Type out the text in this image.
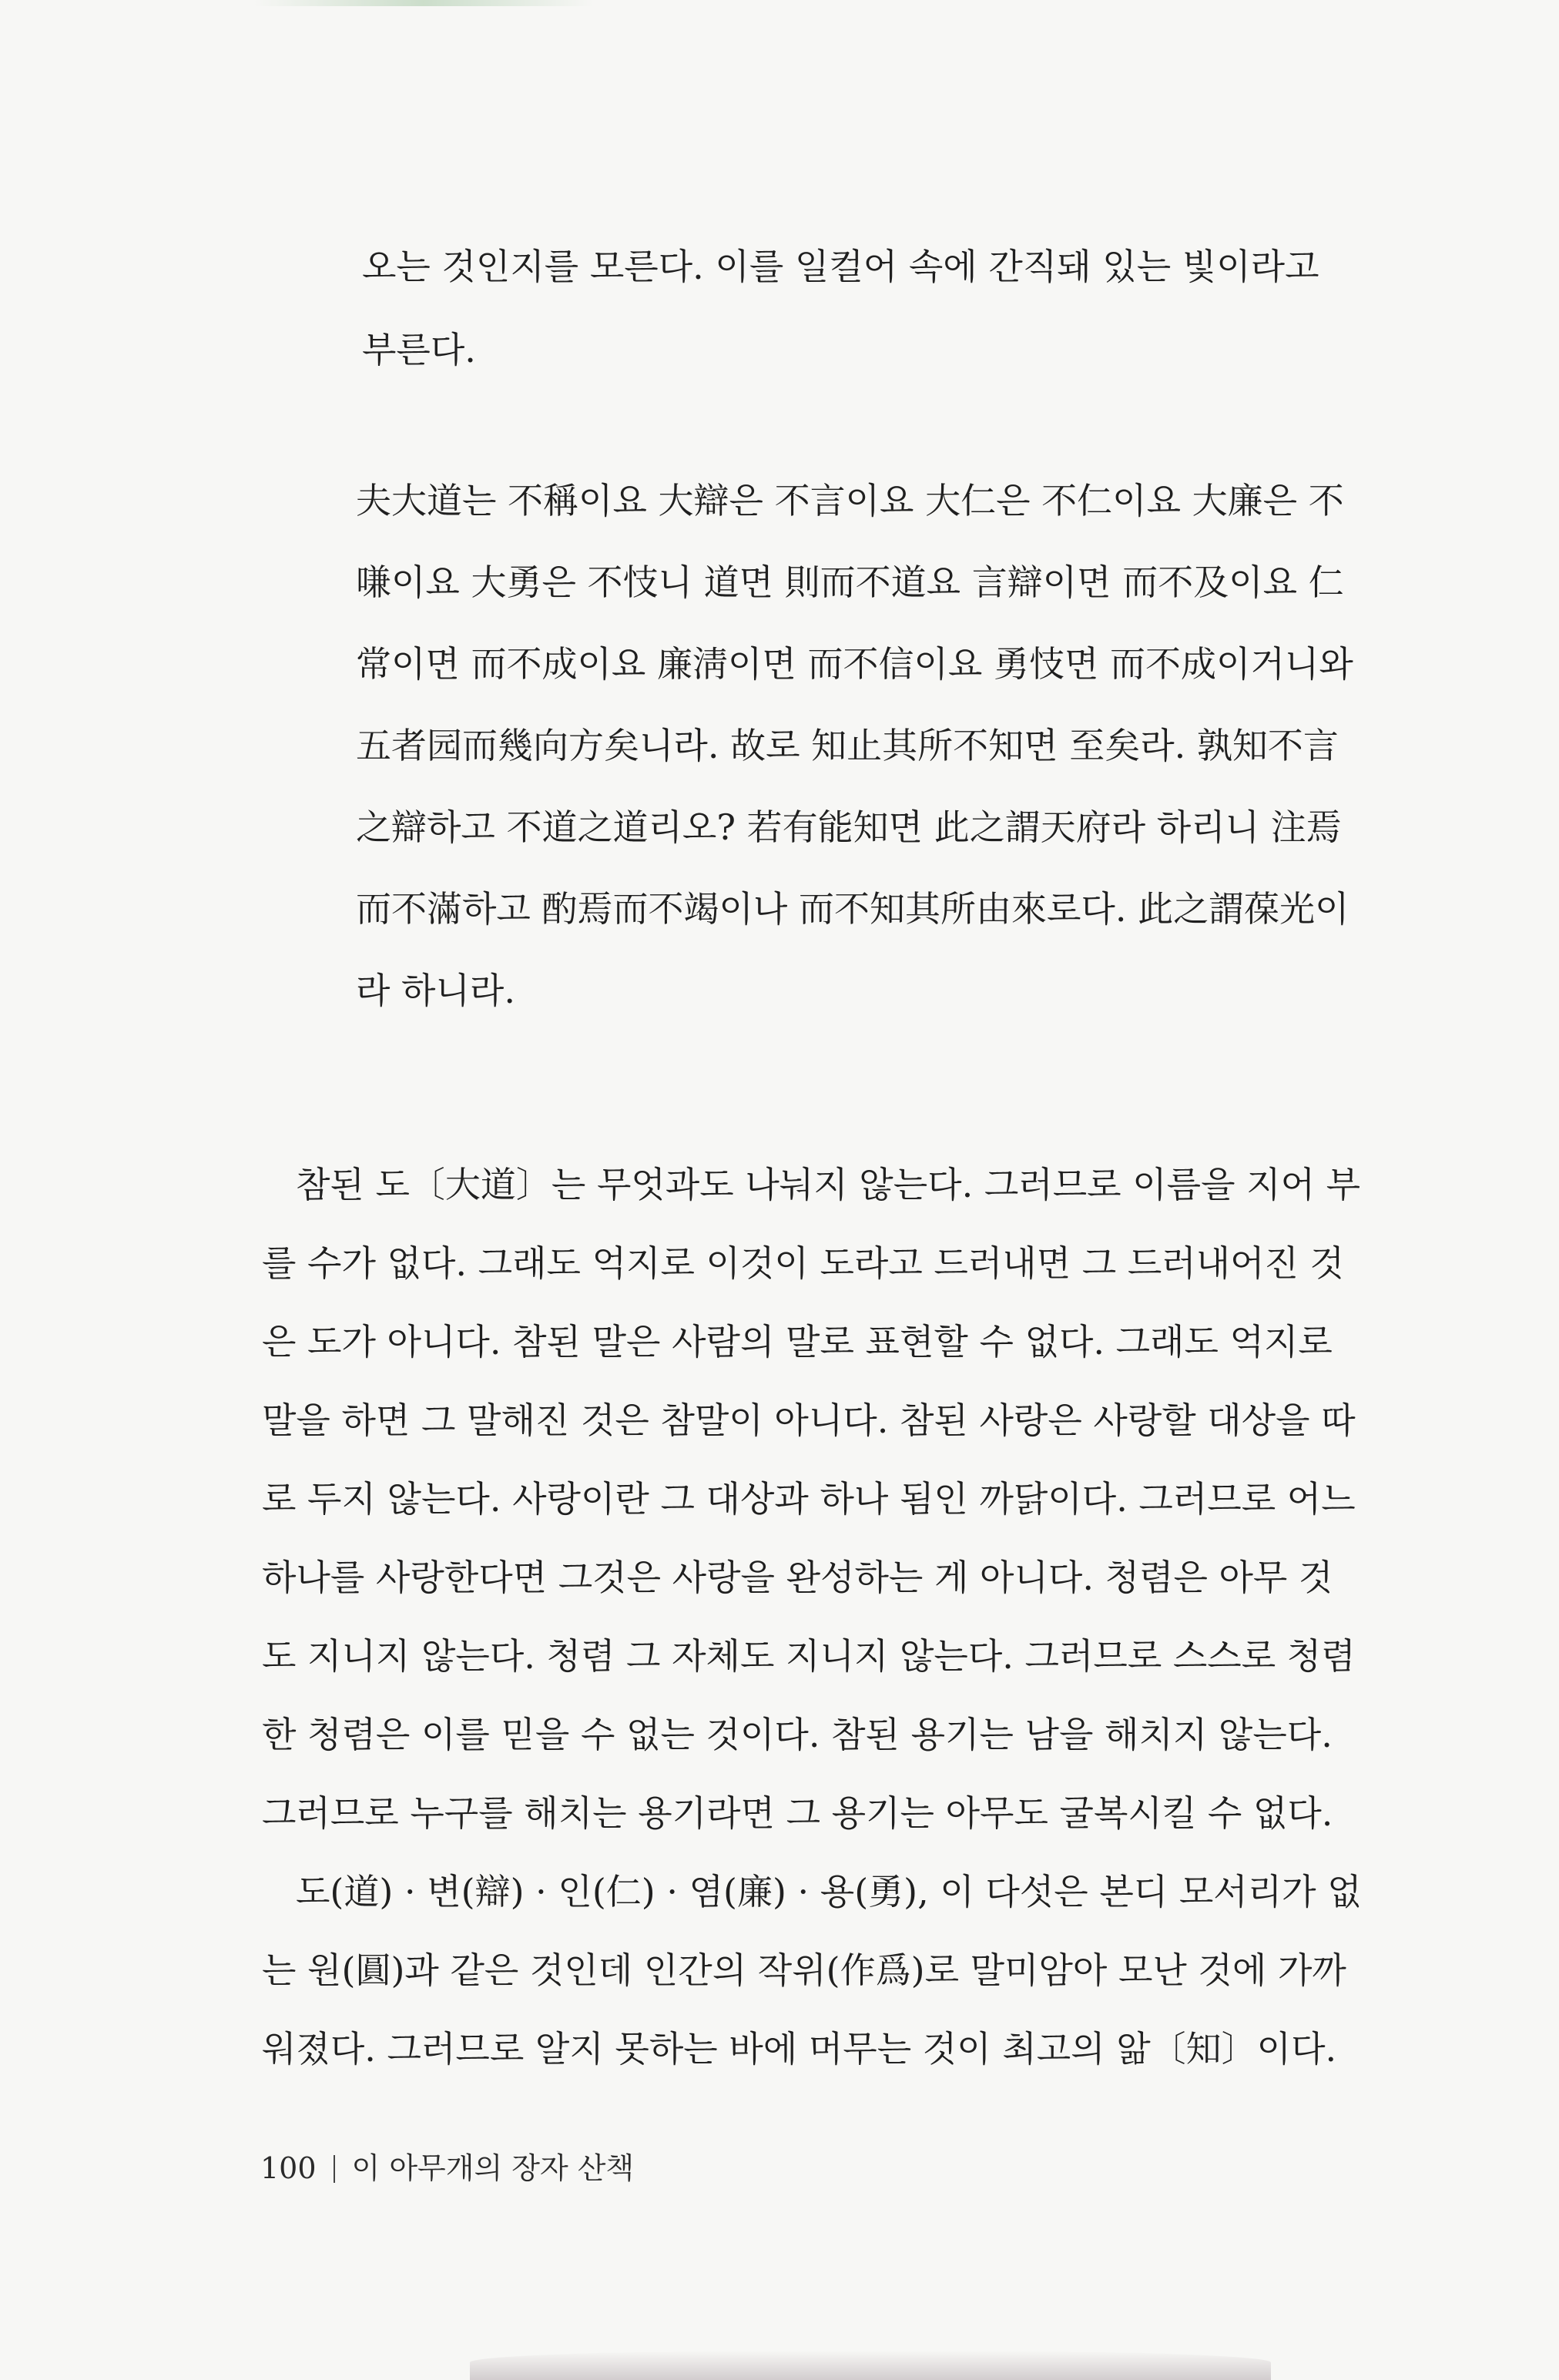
오는 것인지를 모른다. 이를 일컬어 속에 간직돼 있는 빛이라고
부른다.
夫大道는 不稱이요 大辯은 不言이요 大仁은 不仁이요 大廉은 不
嗛이요 大勇은 不忮니 道면 則而不道요 言辯이면 而不及이요 仁
常이면 而不成이요 廉淸이면 而不信이요 勇忮면 而不成이거니와
五者园而幾向方矣니라. 故로 知止其所不知면 至矣라. 孰知不言
之辯하고 不道之道리오? 若有能知면 此之謂天府라 하리니 注焉
而不滿하고 酌焉而不竭이나 而不知其所由來로다. 此之謂葆光이
라 하니라.
참된 도〔大道〕는 무엇과도 나눠지 않는다. 그러므로 이름을 지어 부
를 수가 없다. 그래도 억지로 이것이 도라고 드러내면 그 드러내어진 것
은 도가 아니다. 참된 말은 사람의 말로 표현할 수 없다. 그래도 억지로
말을 하면 그 말해진 것은 참말이 아니다. 참된 사랑은 사랑할 대상을 따
로 두지 않는다. 사랑이란 그 대상과 하나 됨인 까닭이다. 그러므로 어느
하나를 사랑한다면 그것은 사랑을 완성하는 게 아니다. 청렴은 아무 것
도 지니지 않는다. 청렴 그 자체도 지니지 않는다. 그러므로 스스로 청렴
한 청렴은 이를 믿을 수 없는 것이다. 참된 용기는 남을 해치지 않는다.
그러므로 누구를 해치는 용기라면 그 용기는 아무도 굴복시킬 수 없다.
도(道) · 변(辯) · 인(仁) · 염(廉) · 용(勇), 이 다섯은 본디 모서리가 없
는 원(圓)과 같은 것인데 인간의 작위(作爲)로 말미암아 모난 것에 가까
워졌다. 그러므로 알지 못하는 바에 머무는 것이 최고의 앎〔知〕이다.
100 이 아무개의 장자 산책
